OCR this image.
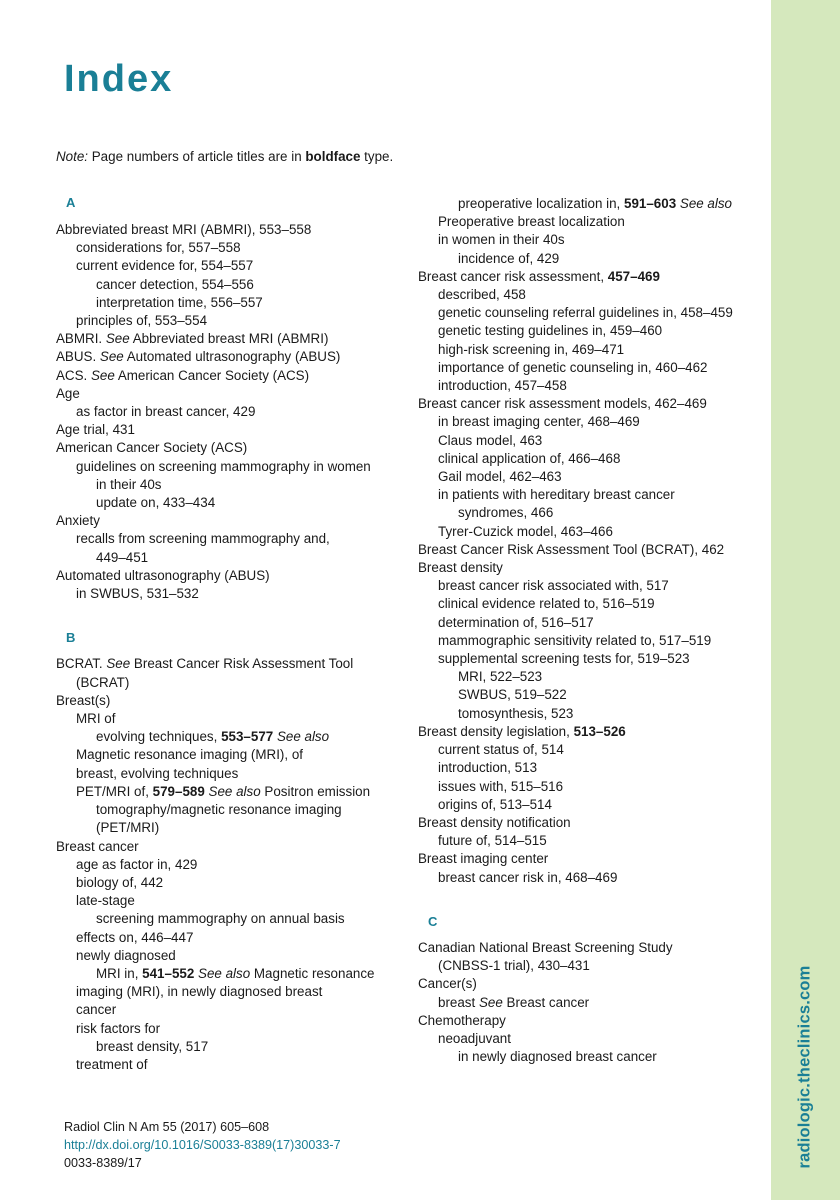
radiologic.theclinics.com
Index
Note: Page numbers of article titles are in boldface type.
A
Abbreviated breast MRI (ABMRI), 553–558
considerations for, 557–558
current evidence for, 554–557
cancer detection, 554–556
interpretation time, 556–557
principles of, 553–554
ABMRI. See Abbreviated breast MRI (ABMRI)
ABUS. See Automated ultrasonography (ABUS)
ACS. See American Cancer Society (ACS)
Age
as factor in breast cancer, 429
Age trial, 431
American Cancer Society (ACS)
guidelines on screening mammography in women
in their 40s
update on, 433–434
Anxiety
recalls from screening mammography and,
449–451
Automated ultrasonography (ABUS)
in SWBUS, 531–532
B
BCRAT. See Breast Cancer Risk Assessment Tool
(BCRAT)
Breast(s)
MRI of
evolving techniques, 553–577 See also
Magnetic resonance imaging (MRI), of
breast, evolving techniques
PET/MRI of, 579–589 See also Positron emission
tomography/magnetic resonance imaging
(PET/MRI)
Breast cancer
age as factor in, 429
biology of, 442
late-stage
screening mammography on annual basis
effects on, 446–447
newly diagnosed
MRI in, 541–552 See also Magnetic resonance
imaging (MRI), in newly diagnosed breast
cancer
risk factors for
breast density, 517
treatment of
preoperative localization in, 591–603 See also
Preoperative breast localization
in women in their 40s
incidence of, 429
Breast cancer risk assessment, 457–469
described, 458
genetic counseling referral guidelines in, 458–459
genetic testing guidelines in, 459–460
high-risk screening in, 469–471
importance of genetic counseling in, 460–462
introduction, 457–458
Breast cancer risk assessment models, 462–469
in breast imaging center, 468–469
Claus model, 463
clinical application of, 466–468
Gail model, 462–463
in patients with hereditary breast cancer
syndromes, 466
Tyrer-Cuzick model, 463–466
Breast Cancer Risk Assessment Tool (BCRAT), 462
Breast density
breast cancer risk associated with, 517
clinical evidence related to, 516–519
determination of, 516–517
mammographic sensitivity related to, 517–519
supplemental screening tests for, 519–523
MRI, 522–523
SWBUS, 519–522
tomosynthesis, 523
Breast density legislation, 513–526
current status of, 514
introduction, 513
issues with, 515–516
origins of, 513–514
Breast density notification
future of, 514–515
Breast imaging center
breast cancer risk in, 468–469
C
Canadian National Breast Screening Study
(CNBSS-1 trial), 430–431
Cancer(s)
breast See Breast cancer
Chemotherapy
neoadjuvant
in newly diagnosed breast cancer
Radiol Clin N Am 55 (2017) 605–608
http://dx.doi.org/10.1016/S0033-8389(17)30033-7
0033-8389/17
